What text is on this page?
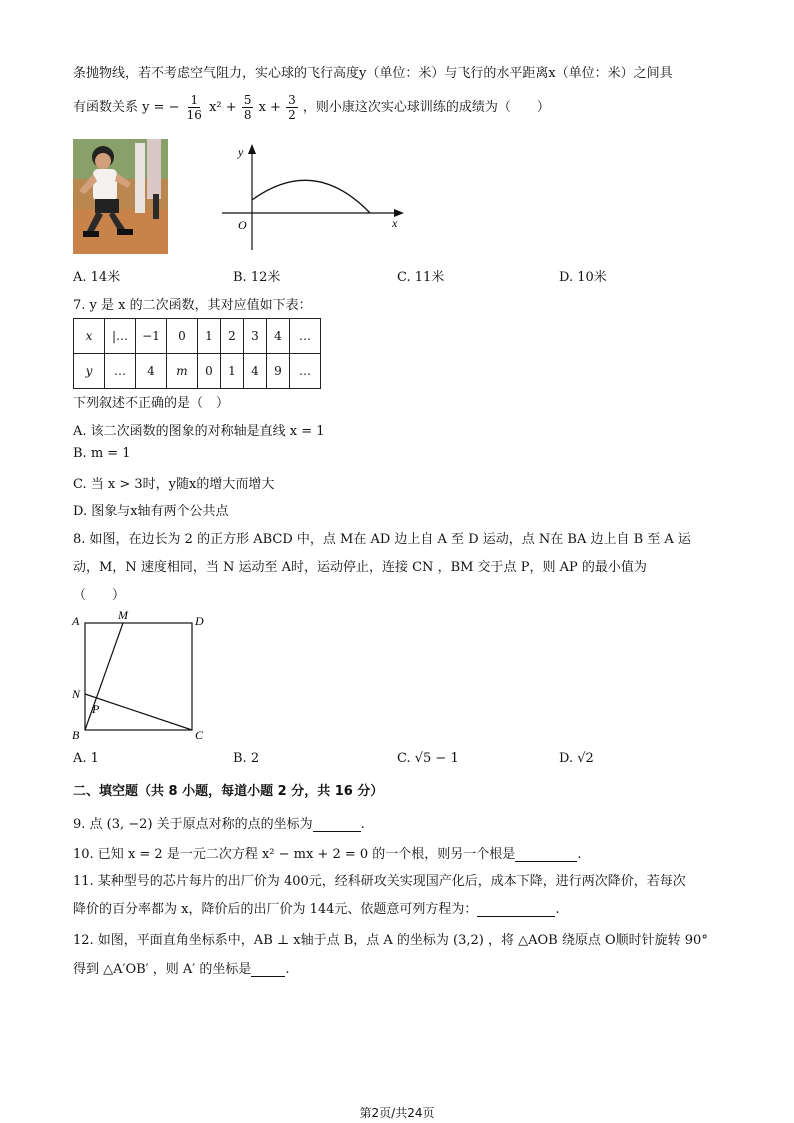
条抛物线，若不考虑空气阻力，实心球的飞行高度y（单位：米）与飞行的水平距离x（单位：米）之间具
有函数关系 y = − $\frac{1}{16} x^2 + \frac{5}{8}$ $x + \frac{3}{2}$ ，则小康这次实心球训练的成绩为（　　）
y
x
O
A. 14米	B. 12米	C. 11米	D. 10米
7. y 是 x 的二次函数，其对应值如下表：
x	|…	−1	0	1	2	3	4	…
y	…	4	m	0	1	4	9	…
下列叙述不正确的是（　）
A. 该二次函数的图象的对称轴是直线 x = 1
B. m = 1
C. 当 x > 3时，y随x的增大而增大
D. 图象与x轴有两个公共点
8. 如图，在边长为 2 的正方形 ABCD 中，点 M在 AD 边上自 A 至 D 运动，点 N在 BA 边上自 B 至 A 运
动，M，N 速度相同，当 N 运动至 A时，运动停止，连接 CN ，BM 交于点 P，则 AP 的最小值为
（　　）
A	M	D
N
P
B	C
A. 1	B. 2	C. √5 − 1	D. √2
二、填空题（共 8 小题，每道小题 2 分，共 16 分）
9. 点 (3, −2) 关于原点对称的点的坐标为	.
10. 已知 x = 2 是一元二次方程 x² − mx + 2 = 0 的一个根，则另一个根是	.
11. 某种型号的芯片每片的出厂价为 400元，经科研攻关实现国产化后，成本下降，进行两次降价，若每次
降价的百分率都为 x，降价后的出厂价为 144元、依题意可列方程为：	.
12. 如图，平面直角坐标系中，AB ⊥ x轴于点 B，点 A 的坐标为 (3,2) ，将 △AOB 绕原点 O顺时针旋转 90°
得到 △A′OB′ ，则 A′ 的坐标是	.
第2页/共24页
